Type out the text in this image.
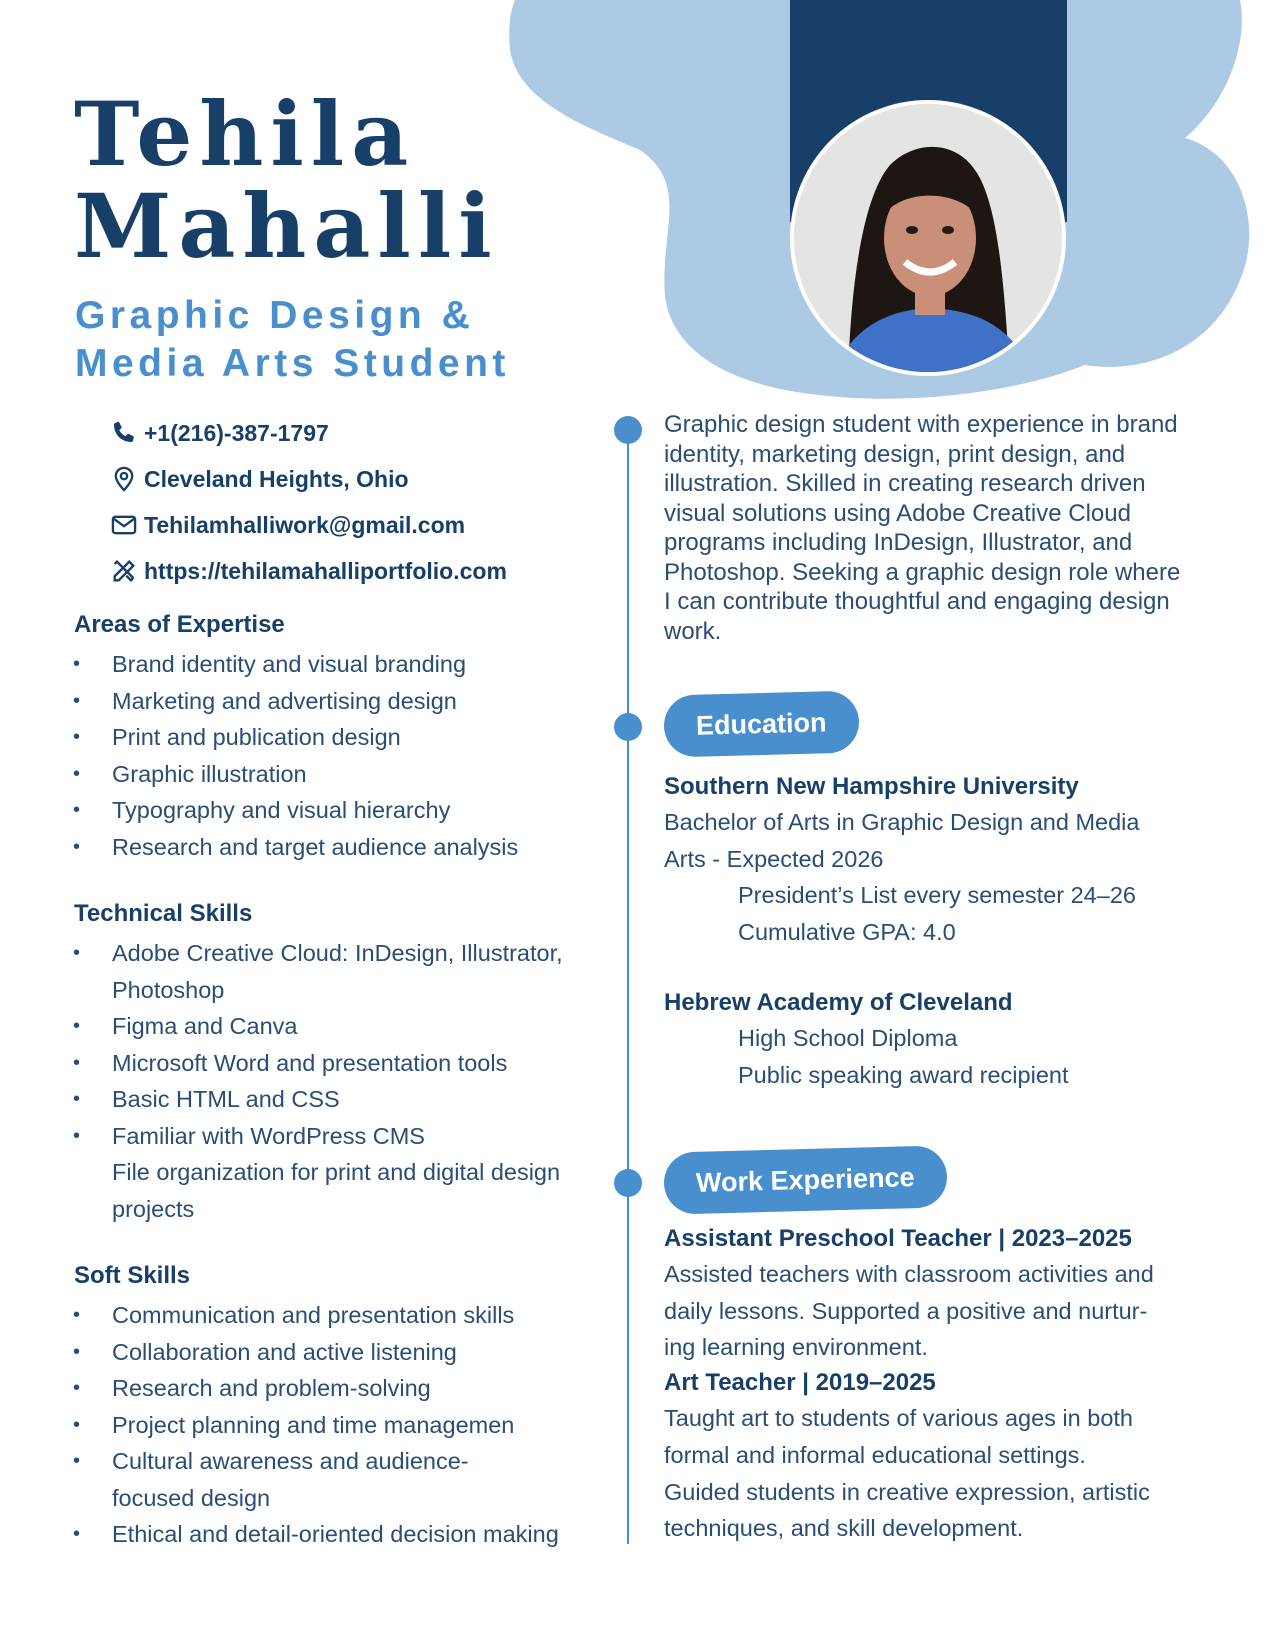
Tehila
Mahalli
Graphic Design &
Media Arts Student
+1(216)-387-1797
Cleveland Heights, Ohio
Tehilamhalliwork@gmail.com
https://tehilamahalliportfolio.com
Areas of Expertise
• Brand identity and visual branding
• Marketing and advertising design
• Print and publication design
• Graphic illustration
• Typography and visual hierarchy
• Research and target audience analysis
Technical Skills
• Adobe Creative Cloud: InDesign, Illustrator,
Photoshop
• Figma and Canva
• Microsoft Word and presentation tools
• Basic HTML and CSS
• Familiar with WordPress CMS
File organization for print and digital design
projects
Soft Skills
• Communication and presentation skills
• Collaboration and active listening
• Research and problem-solving
• Project planning and time managemen
• Cultural awareness and audience-
focused design
• Ethical and detail-oriented decision making

Graphic design student with experience in brand identity, marketing design, print design, and illustration. Skilled in creating research driven visual solutions using Adobe Creative Cloud programs including InDesign, Illustrator, and Photoshop. Seeking a graphic design role where I can contribute thoughtful and engaging design work.

Education
Southern New Hampshire University
Bachelor of Arts in Graphic Design and Media
Arts - Expected 2026
President’s List every semester 24–26
Cumulative GPA: 4.0
Hebrew Academy of Cleveland
High School Diploma
Public speaking award recipient
Work Experience
Assistant Preschool Teacher | 2023–2025
Assisted teachers with classroom activities and
daily lessons. Supported a positive and nurtur-
ing learning environment.
Art Teacher | 2019–2025
Taught art to students of various ages in both
formal and informal educational settings.
Guided students in creative expression, artistic
techniques, and skill development.
